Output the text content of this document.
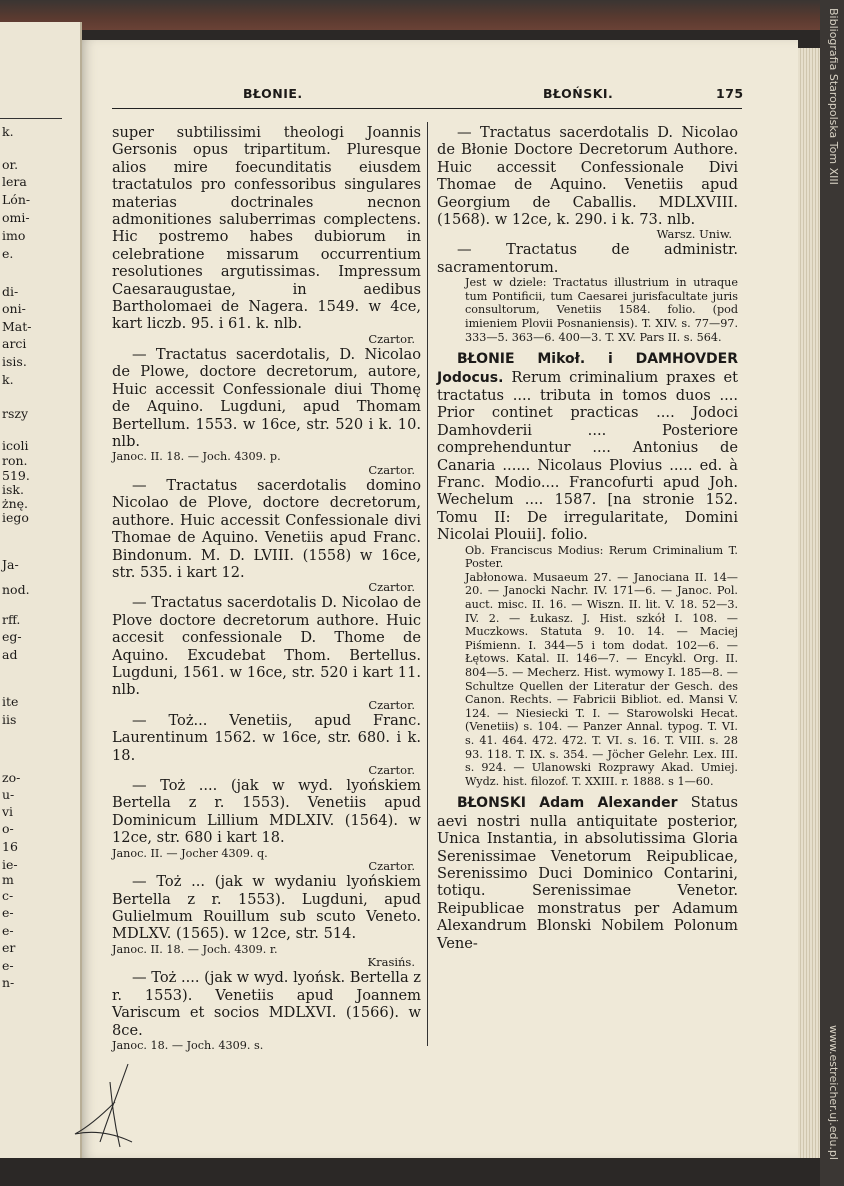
k.
or.
lera
Lón-
omi-
imo
e.
di-
oni-
Mat-
arci
isis.
k.
rszy
icoli
ron.
519.
isk.
żnę.
iego
Ja-
nod.
rff.
eg-
ad
ite
iis
zo-
u-
vi
o-
16
ie-
m
c-
e-
e-
er
e-
n-
Bibliografia Staropolska Tom XIII
www.estreicher.uj.edu.pl
BŁONIE.	BŁOŃSKI.	175

super subtilissimi theologi Joannis Gersonis opus tripartitum. Pluresque alios mire foecunditatis eiusdem tractatulos pro confessoribus singulares materias doctrinales necnon admonitiones saluberrimas complectens. Hic postremo habes dubiorum in celebratione missarum occurrentium resolutiones argutissimas. Impressum Caesaraugustae, in aedibus Bartholomaei de Nagera. 1549. w 4ce, kart liczb. 95. i 61. k. nlb.

Czartor.

— Tractatus sacerdotalis, D. Nicolao de Plowe, doctore decretorum, autore, Huic accessit Confessionale diui Thomę de Aquino. Lugduni, apud Thomam Bertellum. 1553. w 16ce, str. 520 i k. 10. nlb.

Janoc. II. 18. — Joch. 4309. p.

Czartor.

— Tractatus sacerdotalis domino Nicolao de Plove, doctore decretorum, authore. Huic accessit Confessionale divi Thomae de Aquino. Venetiis apud Franc. Bindonum. M. D. LVIII. (1558) w 16ce, str. 535. i kart 12.

Czartor.

— Tractatus sacerdotalis D. Nicolao de Plove doctore decretorum authore. Huic accesit confessionale D. Thome de Aquino. Excudebat Thom. Bertellus. Lugduni, 1561. w 16ce, str. 520 i kart 11. nlb.

Czartor.

— Toż... Venetiis, apud Franc. Laurentinum 1562. w 16ce, str. 680. i k. 18.

Czartor.

— Toż .... (jak w wyd. lyońskiem Bertella z r. 1553). Venetiis apud Dominicum Lillium MDLXIV. (1564). w 12ce, str. 680 i kart 18.

Janoc. II. — Jocher 4309. q.

Czartor.

— Toż ... (jak w wydaniu lyońskiem Bertella z r. 1553). Lugduni, apud Gulielmum Rouillum sub scuto Veneto. MDLXV. (1565). w 12ce, str. 514.

Janoc. II. 18. — Joch. 4309. r.

Krasińs.

— Toż .... (jak w wyd. lyońsk. Bertella z r. 1553). Venetiis apud Joannem Variscum et socios MDLXVI. (1566). w 8ce.

Janoc. 18. — Joch. 4309. s.

— Tractatus sacerdotalis D. Nicolao de Błonie Doctore Decretorum Authore. Huic accessit Confessionale Divi Thomae de Aquino. Venetiis apud Georgium de Caballis. MDLXVIII. (1568). w 12ce, k. 290. i k. 73. nlb.

Warsz. Uniw.

— Tractatus de administr. sacramentorum.

Jest w dziele: Tractatus illustrium in utraque tum Pontificii, tum Caesarei jurisfacultate juris consultorum, Venetiis 1584. folio. (pod imieniem Plovii Posnaniensis). T. XIV. s. 77—97. 333—5. 363—6. 400—3. T. XV. Pars II. s. 564.

BŁONIE Mikoł. i DAMHOVDER Jodocus. Rerum criminalium praxes et tractatus .... tributa in tomos duos .... Prior continet practicas .... Jodoci Damhovderii .... Posteriore comprehenduntur .... Antonius de Canaria ...... Nicolaus Plovius ..... ed. à Franc. Modio.... Francofurti apud Joh. Wechelum .... 1587. [na stronie 152. Tomu II: De irregularitate, Domini Nicolai Plouii]. folio.

Ob. Franciscus Modius: Rerum Criminalium T. Poster.

Jabłonowa. Musaeum 27. — Janociana II. 14—20. — Janocki Nachr. IV. 171—6. — Janoc. Pol. auct. misc. II. 16. — Wiszn. II. lit. V. 18. 52—3. IV. 2. — Łukasz. J. Hist. szkół I. 108. — Muczkows. Statuta 9. 10. 14. — Maciej Piśmienn. I. 344—5 i tom dodat. 102—6. — Łętows. Katal. II. 146—7. — Encykl. Org. II. 804—5. — Mecherz. Hist. wymowy I. 185—8. — Schultze Quellen der Literatur der Gesch. des Canon. Rechts. — Fabricii Bibliot. ed. Mansi V. 124. — Niesiecki T. I. — Starowolski Hecat. (Venetiis) s. 104. — Panzer Annal. typog. T. VI. s. 41. 464. 472. 472. T. VI. s. 16. T. VIII. s. 28 93. 118. T. IX. s. 354. — Jöcher Gelehr. Lex. III. s. 924. — Ulanowski Rozprawy Akad. Umiej. Wydz. hist. filozof. T. XXIII. r. 1888. s 1—60.

BŁONSKI Adam Alexander Status aevi nostri nulla antiquitate posterior, Unica Instantia, in absolutissima Gloria Serenissimae Venetorum Reipublicae, Serenissimo Duci Dominico Contarini, totiqu. Serenissimae Venetor. Reipublicae monstratus per Adamum Alexandrum Blonski Nobilem Polonum Vene-
